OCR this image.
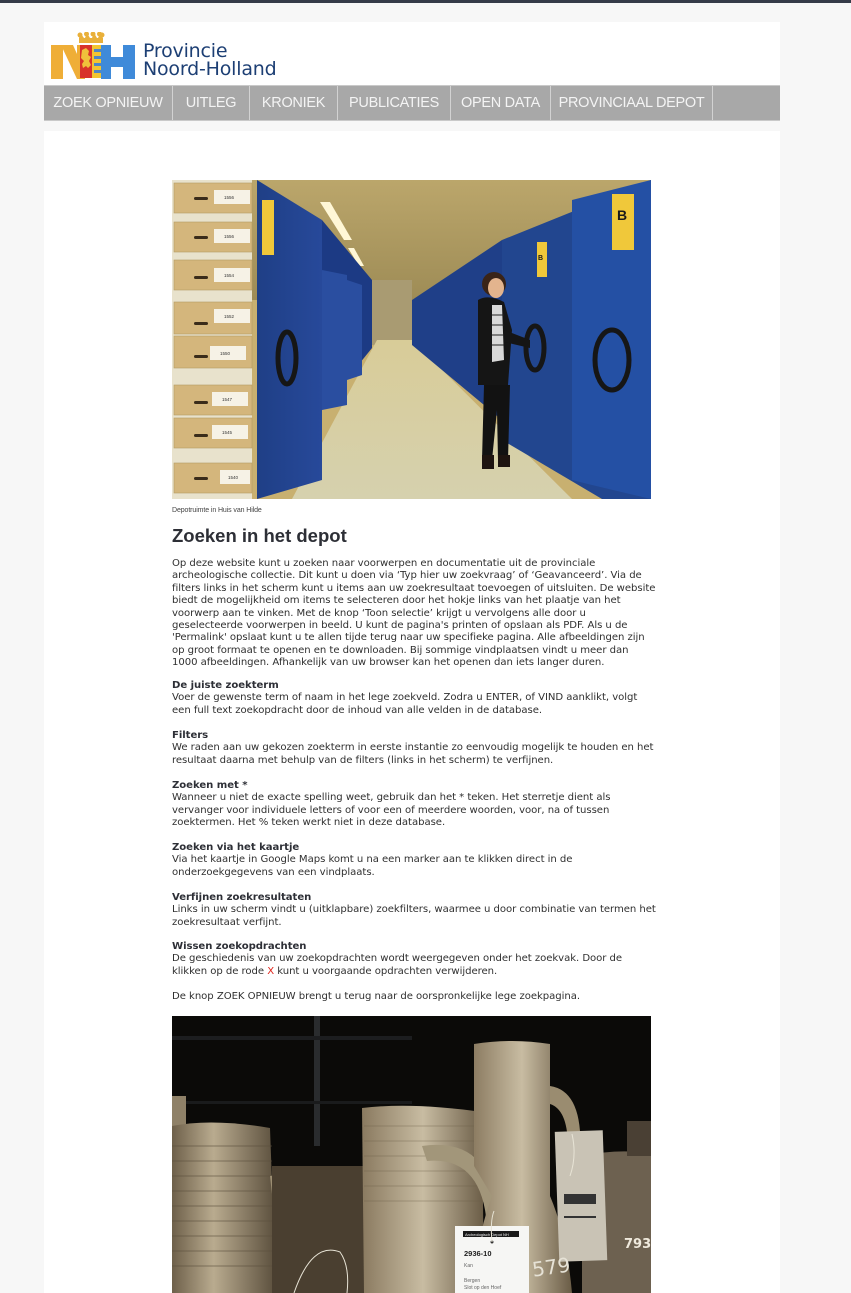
Provincie
Noord-Holland
ZOEK OPNIEUW	UITLEG	KRONIEK	PUBLICATIES	OPEN DATA	PROVINCIAAL DEPOT
1556
1556
1554
1552
1550
1547
1545
1540
B
B
Depotruimte in Huis van Hilde
Zoeken in het depot

Op deze website kunt u zoeken naar voorwerpen en documentatie uit de provinciale archeologische collectie. Dit kunt u doen via ‘Typ hier uw zoekvraag’ of ‘Geavanceerd’. Via de filters links in het scherm kunt u items aan uw zoekresultaat toevoegen of uitsluiten. De website biedt de mogelijkheid om items te selecteren door het hokje links van het plaatje van het voorwerp aan te vinken. Met de knop ‘Toon selectie’ krijgt u vervolgens alle door u geselecteerde voorwerpen in beeld. U kunt de pagina's printen of opslaan als PDF. Als u de 'Permalink' opslaat kunt u te allen tijde terug naar uw specifieke pagina. Alle afbeeldingen zijn op groot formaat te openen en te downloaden. Bij sommige vindplaatsen vindt u meer dan 1000 afbeeldingen. Afhankelijk van uw browser kan het openen dan iets langer duren.

De juiste zoekterm

Voer de gewenste term of naam in het lege zoekveld. Zodra u ENTER, of VIND aanklikt, volgt een full text zoekopdracht door de inhoud van alle velden in de database.

Filters

We raden aan uw gekozen zoekterm in eerste instantie zo eenvoudig mogelijk te houden en het resultaat daarna met behulp van de filters (links in het scherm) te verfijnen.

Zoeken met *

Wanneer u niet de exacte spelling weet, gebruik dan het * teken. Het sterretje dient als vervanger voor individuele letters of voor een of meerdere woorden, voor, na of tussen zoektermen. Het % teken werkt niet in deze database.

Zoeken via het kaartje

Via het kaartje in Google Maps komt u na een marker aan te klikken direct in de onderzoekgegevens van een vindplaats.

Verfijnen zoekresultaten

Links in uw scherm vindt u (uitklapbare) zoekfilters, waarmee u door combinatie van termen het zoekresultaat verfijnt.

Wissen zoekopdrachten

De geschiedenis van uw zoekopdrachten wordt weergegeven onder het zoekvak. Door de klikken op de rode X kunt u voorgaande opdrachten verwijderen.

De knop ZOEK OPNIEUW brengt u terug naar de oorspronkelijke lege zoekpagina.

579
793
Archeologisch Depot NH
2936-10
Kan
Bergen
Slot op den Hoef
